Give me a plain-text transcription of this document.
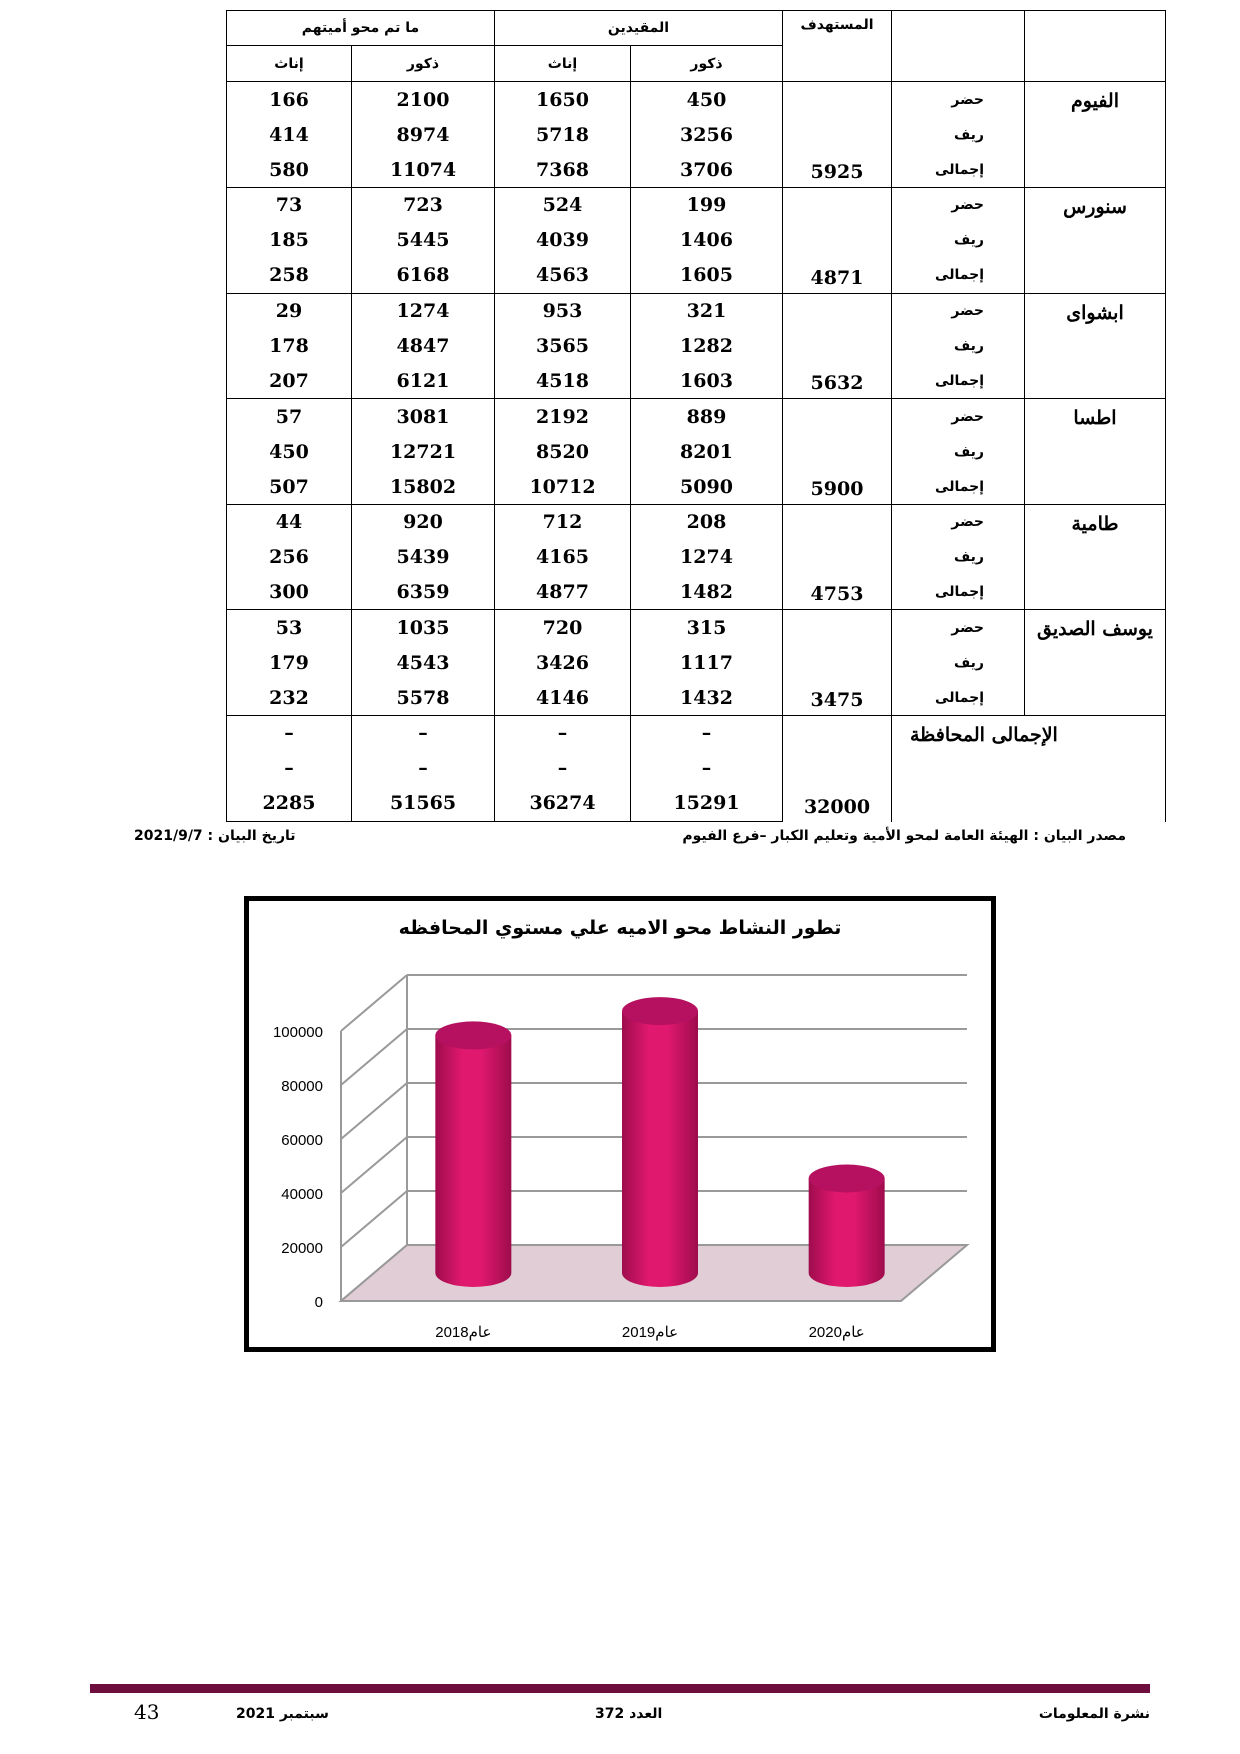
		المستهدف	المقيدين		ما تم محو أميتهم	
			ذكور	إناث	ذكور	إناث
الفيوم	حضر	5925	450	1650	2100	166
	ريف		3256	5718	8974	414
	إجمالى		3706	7368	11074	580
سنورس	حضر	4871	199	524	723	73
	ريف		1406	4039	5445	185
	إجمالى		1605	4563	6168	258
ابشواى	حضر	5632	321	953	1274	29
	ريف		1282	3565	4847	178
	إجمالى		1603	4518	6121	207
اطسا	حضر	5900	889	2192	3081	57
	ريف		8201	8520	12721	450
	إجمالى		5090	10712	15802	507
طامية	حضر	4753	208	712	920	44
	ريف		1274	4165	5439	256
	إجمالى		1482	4877	6359	300
يوسف الصديق	حضر	3475	315	720	1035	53
	ريف		1117	3426	4543	179
	إجمالى		1432	4146	5578	232
الإجمالى المحافظة		32000	–	–	–	–
			–	–	–	–
			15291	36274	51565	2285
مصدر البيان : الهيئة العامة لمحو الأمية وتعليم الكبار –فرع الفيوم
تاريخ البيان : 2021/9/7
تطور النشاط محو الاميه علي مستوي المحافظه
0
20000
40000
60000
80000
100000
عام2018	عام2019	عام2020
نشرة المعلومات
العدد 372
سبتمبر 2021
43
